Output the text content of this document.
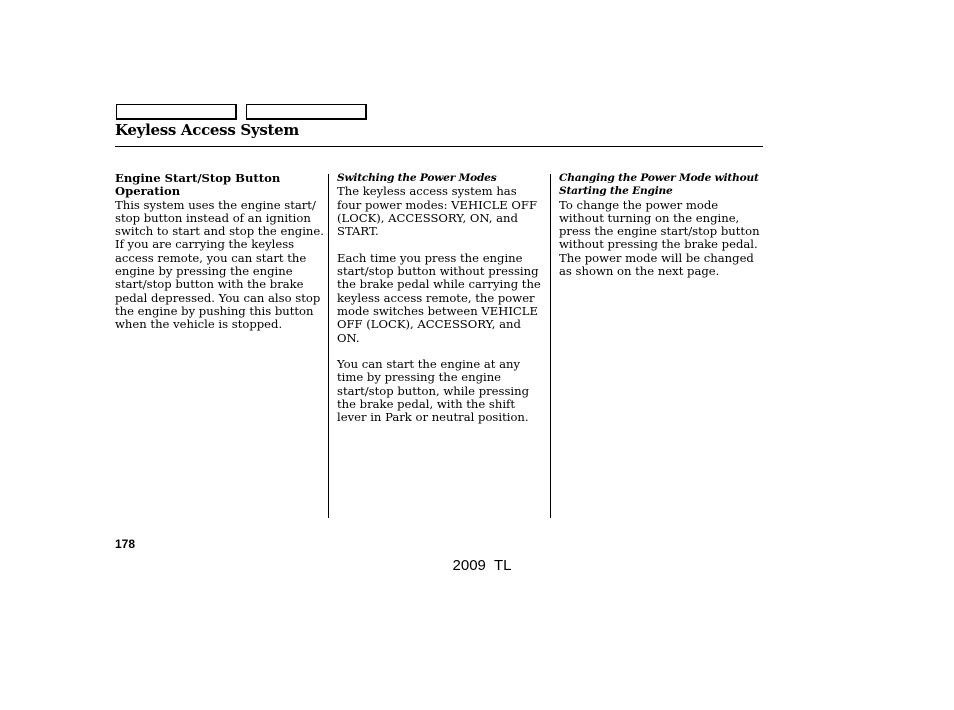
Keyless Access System
Engine Start/Stop Button
Operation

This system uses the engine start/ stop button instead of an ignition switch to start and stop the engine. If you are carrying the keyless access remote, you can start the engine by pressing the engine start/stop button with the brake pedal depressed. You can also stop the engine by pushing this button when the vehicle is stopped.

Switching the Power Modes

The keyless access system has four power modes: VEHICLE OFF (LOCK), ACCESSORY, ON, and START.

Each time you press the engine start/stop button without pressing the brake pedal while carrying the keyless access remote, the power mode switches between VEHICLE OFF (LOCK), ACCESSORY, and ON.

You can start the engine at any time by pressing the engine start/stop button, while pressing the brake pedal, with the shift lever in Park or neutral position.

Changing the Power Mode without
Starting the Engine

To change the power mode without turning on the engine, press the engine start/stop button without pressing the brake pedal. The power mode will be changed as shown on the next page.

178
2009  TL
